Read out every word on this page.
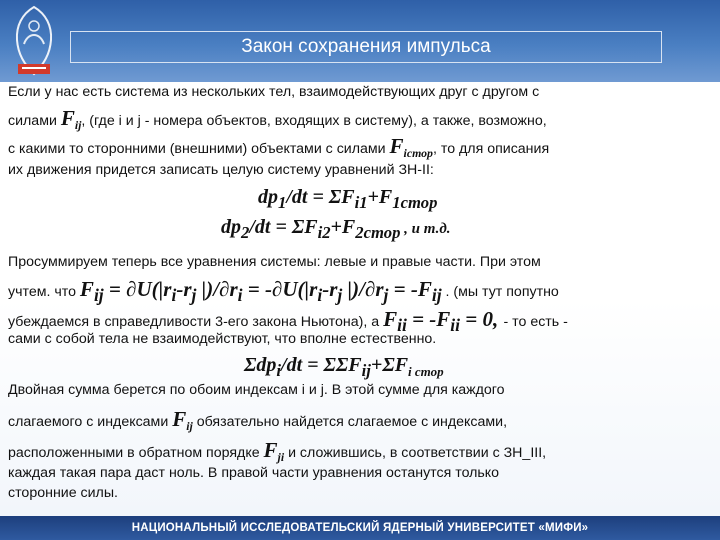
Закон сохранения импульса
Если у нас есть система из нескольких тел, взаимодействующих друг с другом с
силами $F_{ij}$, (где i и j - номера объектов, входящих в систему), а также, возможно,
с какими то сторонними (внешними) объектами с силами $F_{icтор}$, то для описания
их движения придется записать целую систему уравнений ЗН-II:
$dp_1/dt = \Sigma F_{i1}+F_{1стор}$
$dp_2/dt = \Sigma F_{i2}+F_{2стор}$ , и т.д.
Просуммируем теперь все уравнения системы: левые и правые части. При этом
учтем. что $F_{ij} = \partial U(|r_i-r_j$ $|)/\partial r_i = -\partial U(|r_i-r_j$ $|)/\partial r_j = -F_{ij}$ . (мы тут попутно
убеждаемся в справедливости 3-его закона Ньютона), а $F_{ii} = -F_{ii} = 0$, - то есть -
сами с собой тела не взаимодействуют, что вполне естественно.
$\Sigma dp_i/dt = \Sigma\Sigma F_{ij}+\Sigma F_{i стор}$
Двойная сумма берется по обоим индексам i и j. В этой сумме для каждого
слагаемого с индексами $F_{ij}$ обязательно найдется слагаемое с индексами,
расположенными в обратном порядке $F_{ji}$ и сложившись, в соответствии с ЗН_III,
каждая такая пара даст ноль. В правой части уравнения останутся только
сторонние силы.
НАЦИОНАЛЬНЫЙ ИССЛЕДОВАТЕЛЬСКИЙ ЯДЕРНЫЙ УНИВЕРСИТЕТ «МИФИ»
